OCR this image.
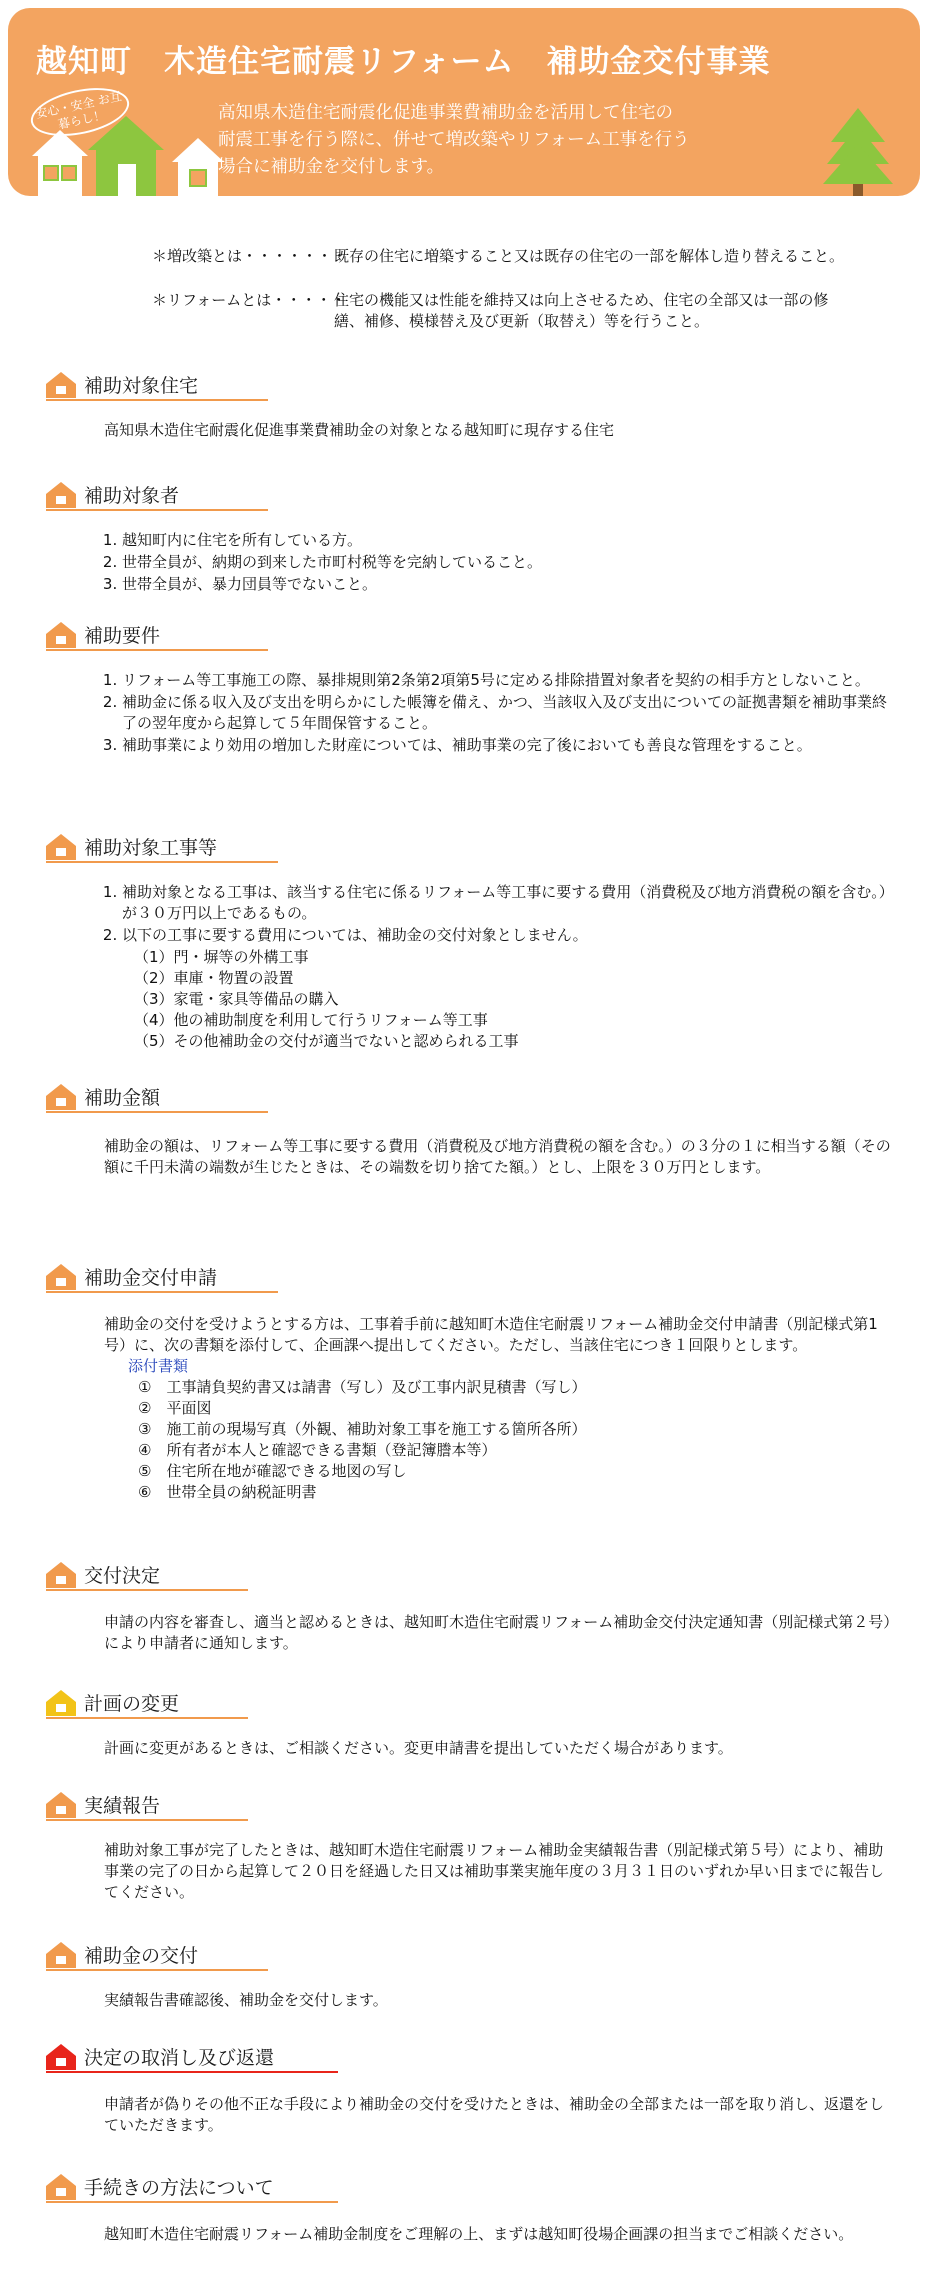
越知町　木造住宅耐震リフォーム　補助金交付事業
安心・安全 お互暮らし！	高知県木造住宅耐震化促進事業費補助金を活用して住宅の
耐震工事を行う際に、併せて増改築やリフォーム工事を行う
場合に補助金を交付します。
＊増改築とは・・・・・・・
既存の住宅に増築すること又は既存の住宅の一部を解体し造り替えること。
＊リフォームとは・・・・・
住宅の機能又は性能を維持又は向上させるため、住宅の全部又は一部の修繕、補修、模様替え及び更新（取替え）等を行うこと。
補助対象住宅
高知県木造住宅耐震化促進事業費補助金の対象となる越知町に現存する住宅
補助対象者
1. 越知町内に住宅を所有している方。
2. 世帯全員が、納期の到来した市町村税等を完納していること。
3. 世帯全員が、暴力団員等でないこと。
補助要件
1. リフォーム等工事施工の際、暴排規則第2条第2項第5号に定める排除措置対象者を契約の相手方としないこと。
2. 補助金に係る収入及び支出を明らかにした帳簿を備え、かつ、当該収入及び支出についての証拠書類を補助事業終了の翌年度から起算して５年間保管すること。
3. 補助事業により効用の増加した財産については、補助事業の完了後においても善良な管理をすること。
補助対象工事等
1. 補助対象となる工事は、該当する住宅に係るリフォーム等工事に要する費用（消費税及び地方消費税の額を含む。）が３０万円以上であるもの。
2. 以下の工事に要する費用については、補助金の交付対象としません。
（1）門・塀等の外構工事
（2）車庫・物置の設置
（3）家電・家具等備品の購入
（4）他の補助制度を利用して行うリフォーム等工事
（5）その他補助金の交付が適当でないと認められる工事
補助金額
補助金の額は、リフォーム等工事に要する費用（消費税及び地方消費税の額を含む。）の３分の１に相当する額（その額に千円未満の端数が生じたときは、その端数を切り捨てた額。）とし、上限を３０万円とします。
補助金交付申請
補助金の交付を受けようとする方は、工事着手前に越知町木造住宅耐震リフォーム補助金交付申請書（別記様式第1号）に、次の書類を添付して、企画課へ提出してください。ただし、当該住宅につき１回限りとします。
添付書類
①　工事請負契約書又は請書（写し）及び工事内訳見積書（写し）
②　平面図
③　施工前の現場写真（外観、補助対象工事を施工する箇所各所）
④　所有者が本人と確認できる書類（登記簿謄本等）
⑤　住宅所在地が確認できる地図の写し
⑥　世帯全員の納税証明書
交付決定
申請の内容を審査し、適当と認めるときは、越知町木造住宅耐震リフォーム補助金交付決定通知書（別記様式第２号）により申請者に通知します。
計画の変更
計画に変更があるときは、ご相談ください。変更申請書を提出していただく場合があります。
実績報告
補助対象工事が完了したときは、越知町木造住宅耐震リフォーム補助金実績報告書（別記様式第５号）により、補助事業の完了の日から起算して２０日を経過した日又は補助事業実施年度の３月３１日のいずれか早い日までに報告してください。
補助金の交付
実績報告書確認後、補助金を交付します。
決定の取消し及び返還
申請者が偽りその他不正な手段により補助金の交付を受けたときは、補助金の全部または一部を取り消し、返還をしていただきます。
手続きの方法について
越知町木造住宅耐震リフォーム補助金制度をご理解の上、まずは越知町役場企画課の担当までご相談ください。
